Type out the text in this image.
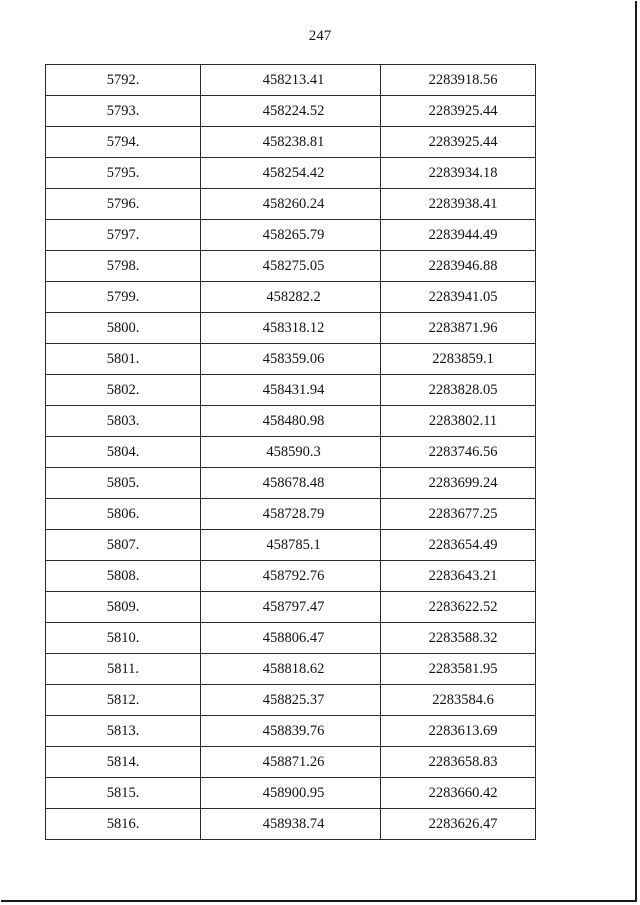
247
5792.	458213.41	2283918.56
5793.	458224.52	2283925.44
5794.	458238.81	2283925.44
5795.	458254.42	2283934.18
5796.	458260.24	2283938.41
5797.	458265.79	2283944.49
5798.	458275.05	2283946.88
5799.	458282.2	2283941.05
5800.	458318.12	2283871.96
5801.	458359.06	2283859.1
5802.	458431.94	2283828.05
5803.	458480.98	2283802.11
5804.	458590.3	2283746.56
5805.	458678.48	2283699.24
5806.	458728.79	2283677.25
5807.	458785.1	2283654.49
5808.	458792.76	2283643.21
5809.	458797.47	2283622.52
5810.	458806.47	2283588.32
5811.	458818.62	2283581.95
5812.	458825.37	2283584.6
5813.	458839.76	2283613.69
5814.	458871.26	2283658.83
5815.	458900.95	2283660.42
5816.	458938.74	2283626.47
